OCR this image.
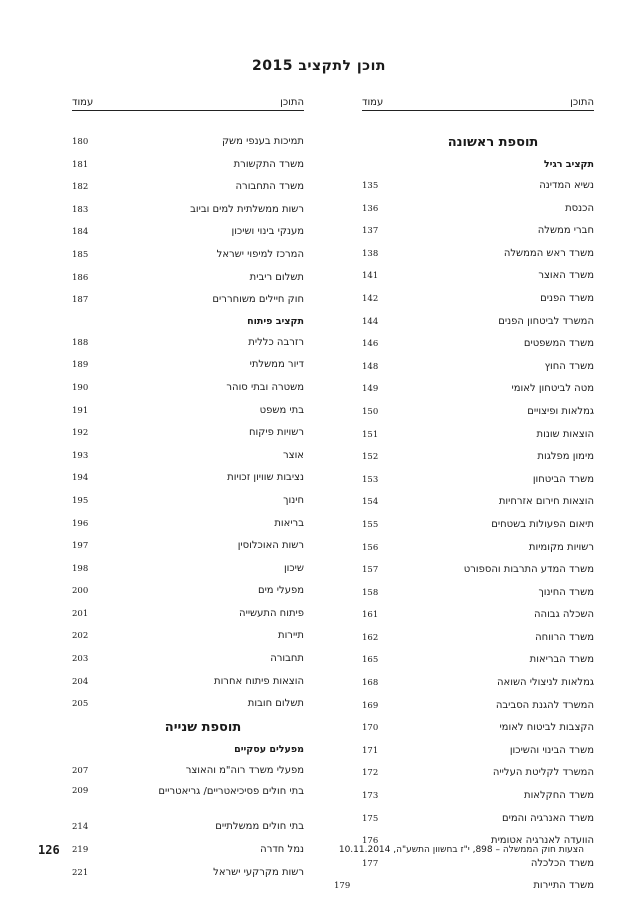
תוכן לתקציב 2015
התוכן
עמוד
תוספת ראשונה
תקציב רגיל
נשיא המדינה
135
הכנסת
136
חברי ממשלה
137
משרד ראש הממשלה
138
משרד האוצר
141
משרד הפנים
142
המשרד לביטחון הפנים
144
משרד המשפטים
146
משרד החוץ
148
מטה לביטחון לאומי
149
גמלאות ופיצויים
150
הוצאות שונות
151
מימון מפלגות
152
משרד הביטחון
153
הוצאות חירום אזרחיות
154
תיאום הפעולות בשטחים
155
רשויות מקומיות
156
משרד המדע התרבות והספורט
157
משרד החינוך
158
השכלה גבוהה
161
משרד הרווחה
162
משרד הבריאות
165
גמלאות לניצולי השואה
168
המשרד להגנת הסביבה
169
הקצבות לביטוח לאומי
170
משרד הבינוי והשיכון
171
המשרד לקליטת העלייה
172
משרד החקלאות
173
משרד האנרגיה והמים
175
הוועדה לאנרגיה אטומית
176
משרד הכלכלה
177
משרד התיירות
179
התוכן
עמוד
תמיכות בענפי משק
180
משרד התקשורת
181
משרד התחבורה
182
רשות ממשלתית למים וביוב
183
מענקי בינוי ושיכון
184
המרכז למיפוי ישראל
185
תשלום ריבית
186
חוק חיילים משוחררים
187
תקציב פיתוח
רזרבה כללית
188
דיור ממשלתי
189
משטרה ובתי סוהר
190
בתי משפט
191
רשויות פיקוח
192
אוצר
193
נציבות שוויון זכויות
194
חינוך
195
בריאות
196
רשות האוכלוסין
197
שיכון
198
מפעלי מים
200
פיתוח התעשייה
201
תיירות
202
תחבורה
203
הוצאות פיתוח אחרות
204
תשלום חובות
205
תוספת שנייה
מפעלים עסקיים
מפעלי משרד רוה"מ והאוצר
207
בתי חולים פסיכיאטריים/ גריאטריים
209
בתי חולים ממשלתיים
214
נמל חדרה
219
רשות מקרקעי ישראל
221
126	הצעות חוק הממשלה – 898, י"ז בחשוון התשע"ה, 10.11.2014
